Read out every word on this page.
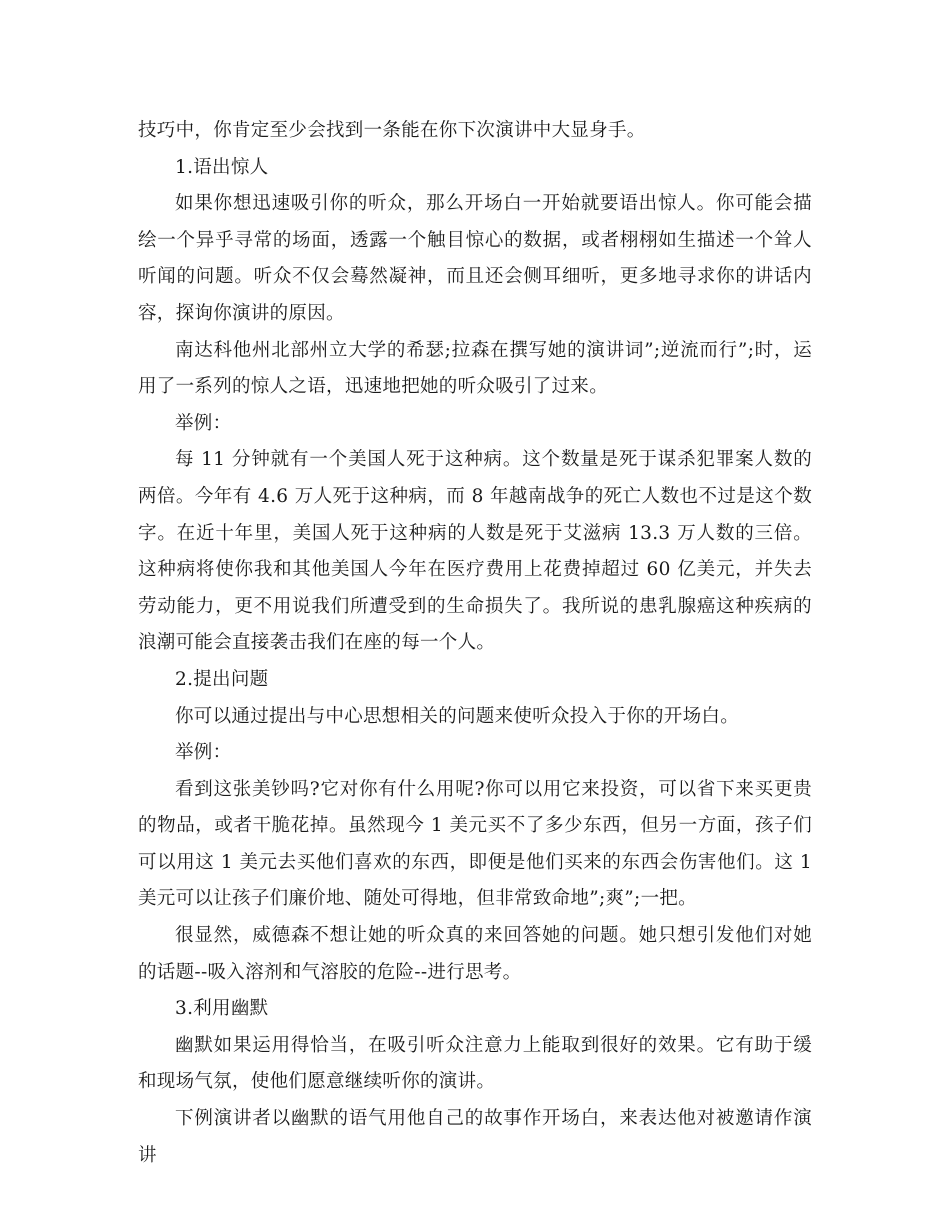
技巧中，你肯定至少会找到一条能在你下次演讲中大显身手。

1.语出惊人

如果你想迅速吸引你的听众，那么开场白一开始就要语出惊人。你可能会描绘一个异乎寻常的场面，透露一个触目惊心的数据，或者栩栩如生描述一个耸人听闻的问题。听众不仅会蓦然凝神，而且还会侧耳细听，更多地寻求你的讲话内容，探询你演讲的原因。

南达科他州北部州立大学的希瑟;拉森在撰写她的演讲词”;逆流而行”;时，运用了一系列的惊人之语，迅速地把她的听众吸引了过来。

举例：

每 11 分钟就有一个美国人死于这种病。这个数量是死于谋杀犯罪案人数的两倍。今年有 4.6 万人死于这种病，而 8 年越南战争的死亡人数也不过是这个数字。在近十年里，美国人死于这种病的人数是死于艾滋病 13.3 万人数的三倍。这种病将使你我和其他美国人今年在医疗费用上花费掉超过 60 亿美元，并失去劳动能力，更不用说我们所遭受到的生命损失了。我所说的患乳腺癌这种疾病的浪潮可能会直接袭击我们在座的每一个人。

2.提出问题

你可以通过提出与中心思想相关的问题来使听众投入于你的开场白。

举例：

看到这张美钞吗?它对你有什么用呢?你可以用它来投资，可以省下来买更贵的物品，或者干脆花掉。虽然现今 1 美元买不了多少东西，但另一方面，孩子们可以用这 1 美元去买他们喜欢的东西，即便是他们买来的东西会伤害他们。这 1 美元可以让孩子们廉价地、随处可得地，但非常致命地”;爽”;一把。

很显然，威德森不想让她的听众真的来回答她的问题。她只想引发他们对她的话题--吸入溶剂和气溶胶的危险--进行思考。

3.利用幽默

幽默如果运用得恰当，在吸引听众注意力上能取到很好的效果。它有助于缓和现场气氛，使他们愿意继续听你的演讲。

下例演讲者以幽默的语气用他自己的故事作开场白，来表达他对被邀请作演讲
